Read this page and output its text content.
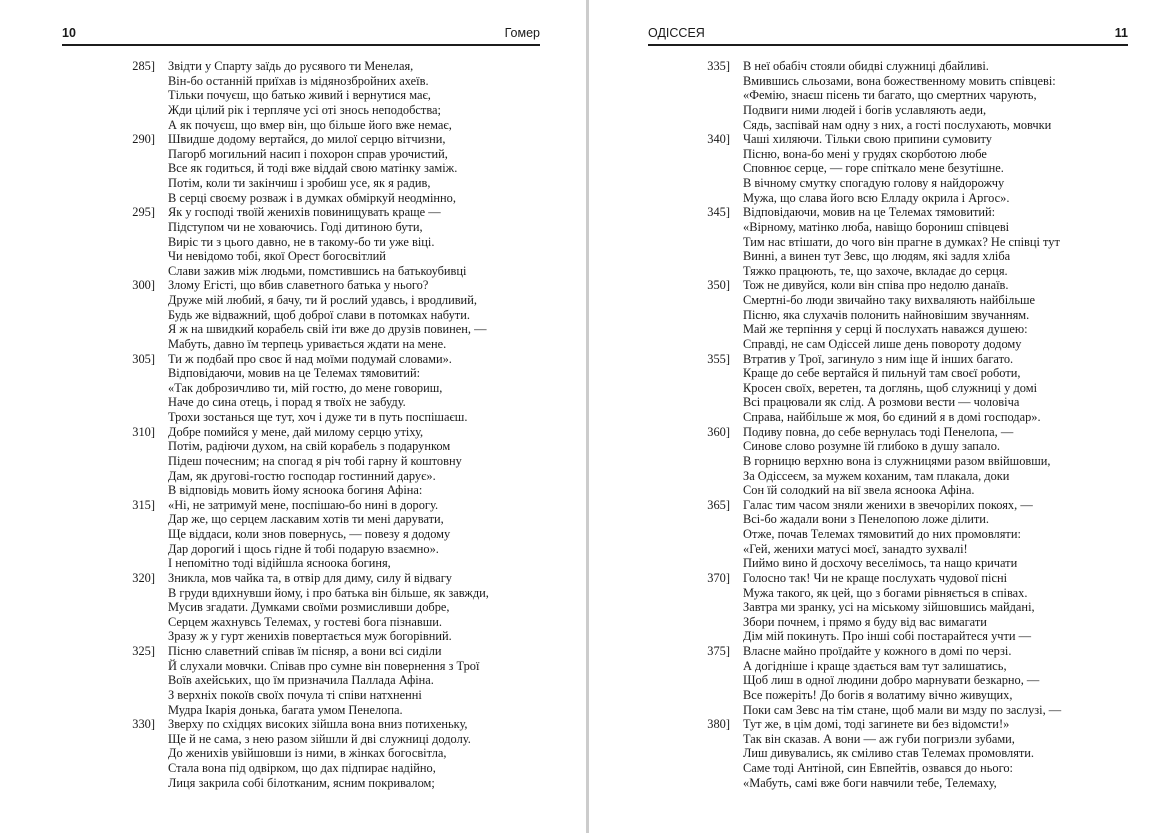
10	Гомер
285] Звідти у Спарту заїдь до русявого ти Менелая,
Він-бо останній приїхав із мідянозбройних ахеїв.
Тільки почуєш, що батько живий і вернутися має,
Жди цілий рік і терпляче усі оті знось неподобства;
А як почуєш, що вмер він, що більше його вже немає,
290] Швидше додому вертайся, до милої серцю вітчизни,
Пагорб могильний насип і похорон справ урочистий,
Все як годиться, й тоді вже віддай свою матінку заміж.
Потім, коли ти закінчиш і зробиш усе, як я радив,
В серці своєму розваж і в думках обміркуй неодмінно,
295] Як у господі твоїй женихів повинищувать краще —
Підступом чи не ховаючись. Годі дитиною бути,
Виріс ти з цього давно, не в такому-бо ти уже віці.
Чи невідомо тобі, якої Орест богосвітлий
Слави зажив між людьми, помстившись на батькоубивці
300] Злому Егісті, що вбив славетного батька у нього?
Друже мій любий, я бачу, ти й рослий удавсь, і вродливий,
Будь же відважний, щоб доброї слави в потомках набути.
Я ж на швидкий корабель свій іти вже до друзів повинен, —
Мабуть, давно їм терпець уривається ждати на мене.
305] Ти ж подбай про своє й над моїми подумай словами».
Відповідаючи, мовив на це Телемах тямовитий:
«Так доброзичливо ти, мій гостю, до мене говориш,
Наче до сина отець, і порад я твоїх не забуду.
Трохи зостанься ще тут, хоч і дуже ти в путь поспішаєш.
310] Добре помийся у мене, дай милому серцю утіху,
Потім, радіючи духом, на свій корабель з подарунком
Підеш почесним; на спогад я річ тобі гарну й коштовну
Дам, як другові-гостю господар гостинний дарує».
В відповідь мовить йому ясноока богиня Афіна:
315] «Ні, не затримуй мене, поспішаю-бо нині в дорогу.
Дар же, що серцем ласкавим хотів ти мені дарувати,
Ще віддаси, коли знов повернусь, — повезу я додому
Дар дорогий і щось гідне й тобі подарую взаємно».
І непомітно тоді відійшла ясноока богиня,
320] Зникла, мов чайка та, в отвір для диму, силу й відвагу
В груди вдихнувши йому, і про батька він більше, як завжди,
Мусив згадати. Думками своїми розмисливши добре,
Серцем жахнувсь Телемах, у гостеві бога пізнавши.
Зразу ж у гурт женихів повертається муж богорівний.
325] Пісню славетний співав їм пісняр, а вони всі сиділи
Й слухали мовчки. Співав про сумне він повернення з Трої
Воїв ахейських, що їм призначила Паллада Афіна.
З верхніх покоїв своїх почула ті співи натхненні
Мудра Ікарія донька, багата умом Пенелопа.
330] Зверху по східцях високих зійшла вона вниз потихеньку,
Ще й не сама, з нею разом зійшли й дві служниці додолу.
До женихів увійшовши із ними, в жінках богосвітла,
Стала вона під одвірком, що дах підпирає надійно,
Лиця закрила собі білотканим, ясним покривалом;
ОДІССЕЯ	11
335] В неї обабіч стояли обидві служниці дбайливі.
Вмившись сльозами, вона божественному мовить співцеві:
«Фемію, знаєш пісень ти багато, що смертних чарують,
Подвиги ними людей і богів уславляють аеди,
Сядь, заспівай нам одну з них, а гості послухають, мовчки
340] Чаші хиляючи. Тільки свою припини сумовиту
Пісню, вона-бо мені у грудях скорботою любе
Сповнює серце, — горе спіткало мене безутішне.
В вічному смутку спогадую голову я найдорожчу
Мужа, що слава його всю Елладу окрила і Аргос».
345] Відповідаючи, мовив на це Телемах тямовитий:
«Вірному, матінко люба, навіщо борониш співцеві
Тим нас втішати, до чого він прагне в думках? Не співці тут
Винні, а винен тут Зевс, що людям, які задля хліба
Тяжко працюють, те, що захоче, вкладає до серця.
350] Тож не дивуйся, коли він співа про недолю данаїв.
Смертні-бо люди звичайно таку вихваляють найбільше
Пісню, яка слухачів полонить найновішим звучанням.
Май же терпіння у серці й послухать наважся душею:
Справді, не сам Одіссей лише день повороту додому
355] Втратив у Трої, загинуло з ним іще й інших багато.
Краще до себе вертайся й пильнуй там своєї роботи,
Кросен своїх, веретен, та доглянь, щоб служниці у домі
Всі працювали як слід. А розмови вести — чоловіча
Справа, найбільше ж моя, бо єдиний я в домі господар».
360] Подиву повна, до себе вернулась тоді Пенелопа, —
Синове слово розумне їй глибоко в душу запало.
В горницю верхню вона із служницями разом ввійшовши,
За Одіссеєм, за мужем коханим, там плакала, доки
Сон їй солодкий на вії звела ясноока Афіна.
365] Галас тим часом зняли женихи в звечорілих покоях, —
Всі-бо жадали вони з Пенелопою ложе ділити.
Отже, почав Телемах тямовитий до них промовляти:
«Гей, женихи матусі моєї, занадто зухвалі!
Пиймо вино й досхочу веселімось, та нащо кричати
370] Голосно так! Чи не краще послухать чудової пісні
Мужа такого, як цей, що з богами рівняється в співах.
Завтра ми зранку, усі на міському зійшовшись майдані,
Збори почнем, і прямо я буду від вас вимагати
Дім мій покинуть. Про інші собі постарайтеся учти —
375] Власне майно проїдайте у кожного в домі по черзі.
А догідніше і краще здається вам тут залишатись,
Щоб лиш в одної людини добро марнувати безкарно, —
Все пожеріть! До богів я волатиму вічно живущих,
Поки сам Зевс на тім стане, щоб мали ви мзду по заслузі, —
380] Тут же, в цім домі, тоді загинете ви без відомсти!»
Так він сказав. А вони — аж губи погризли зубами,
Лиш дивувались, як сміливо став Телемах промовляти.
Саме тоді Антіной, син Евпейтів, озвався до нього:
«Мабуть, самі вже боги навчили тебе, Телемаху,
